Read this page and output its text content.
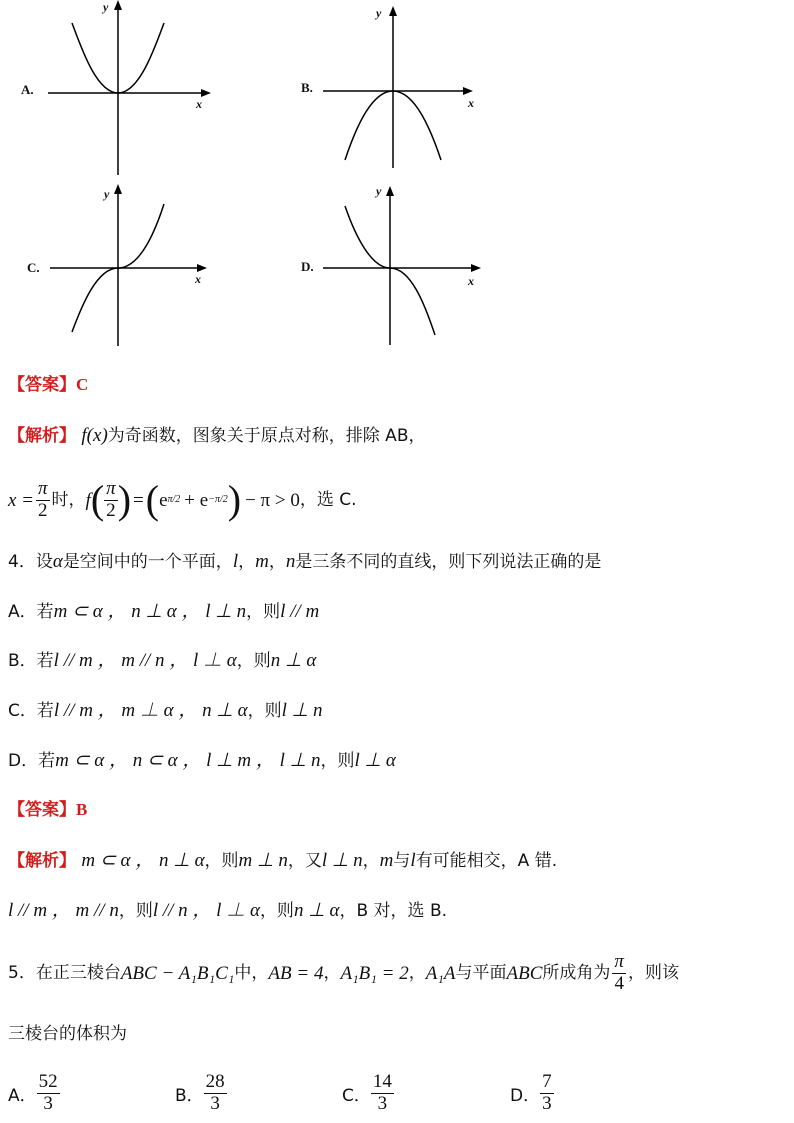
A.
x
y
B.
x
y
C.
x
y
D.
x
y
【答案】C
【解析】 f(x)为奇函数，图象关于原点对称，排除 AB，
$x = \frac{\pi}{2}$ 时， f ( $\frac{\pi}{2}$ ) = ( e π/2 + e −π/2 ) − π > 0 ，选 C.
4．设α是空间中的一个平面，l，m，n是三条不同的直线，则下列说法正确的是
A．若m ⊂ α ， n ⊥ α ， l ⊥ n，则l // m
B．若l // m ， m // n ， l ⊥ α，则n ⊥ α
C．若l // m ， m ⊥ α ， n ⊥ α，则l ⊥ n
D．若m ⊂ α ， n ⊂ α ， l ⊥ m ， l ⊥ n，则l ⊥ α
【答案】B
【解析】 m ⊂ α ， n ⊥ α，则m ⊥ n，又l ⊥ n，m与l有可能相交，A 错.
l // m ， m // n，则l // n ， l ⊥ α，则n ⊥ α，B 对，选 B.
5．在正三棱台 ABC − A₁B₁C₁ 中， AB = 4 ， A₁B₁ = 2 ， A₁A 与平面 ABC 所成角为 $\frac{\pi}{4}$ ，则该
三棱台的体积为
A． $\frac{52}{3}$	B． $\frac{28}{3}$	C． $\frac{14}{3}$	D． $\frac{7}{3}$
